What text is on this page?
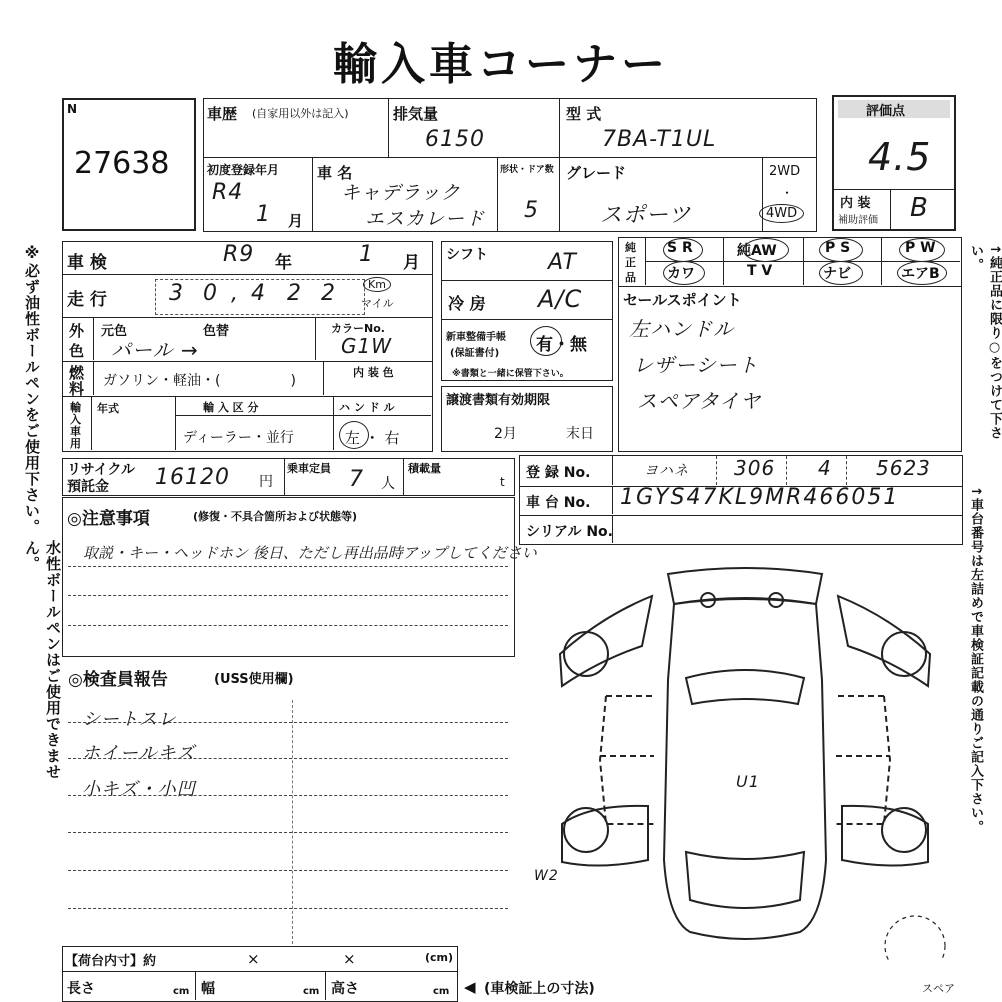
輸入車コーナー
N
27638
車歴 (自家用以外は記入)	排気量
6150
型 式
7BA-T1UL
評価点
4.5
内 装
補助評価 B
初度登録年月
R4
1 月
車 名
キャデラック
エスカレード
形状・ドア数
5
グレード
スポーツ
2WD
・
4WD
※必ず油性ボールペンをご使用下さい。
水性ボールペンはご使用できません。
車 検	R9 年	1 月
走 行	3 0 , 4 2 2	Km
マイル
外
色
元色	色替
パール →
カラーNo.
G1W
燃
料 ガソリン・軽油・(　　　　　)
内 装 色
輸
入
車
用
年式	輸 入 区 分
ディーラー・並行
ハ ン ド ル
左 ・ 右
シフト	AT
冷 房 A/C
新車整備手帳
(保証書付) 有・無
※書類と一緒に保管下さい。
譲渡書類有効期限
2月	末日
純
正
品
S R	純AW	P S	P W
カワ	T V	ナビ	エアB
セールスポイント
左ハンドル
レザーシート
スペアタイヤ	↑純正品に限り○をつけて下さい。
↑車台番号は左詰めで車検証記載の通りご記入下さい。
リサイクル
預託金 16120 円
乗車定員 7 人
積載量
t
登 録 No.	ヨハネ 306 4 5623
車 台 No. 1GYS47KL9MR466051
シリアル No.
◎注意事項	(修復・不具合箇所および状態等)
取説・キー・ヘッドホン 後日、ただし再出品時アップしてください
◎検査員報告	(USS使用欄)
シートスレ
ホイールキズ
小キズ・小凹	U1
W2
スペア
【荷台内寸】約	×	×	(cm)
長さ	cm 幅	cm 高さ	cm ◀ (車検証上の寸法)
